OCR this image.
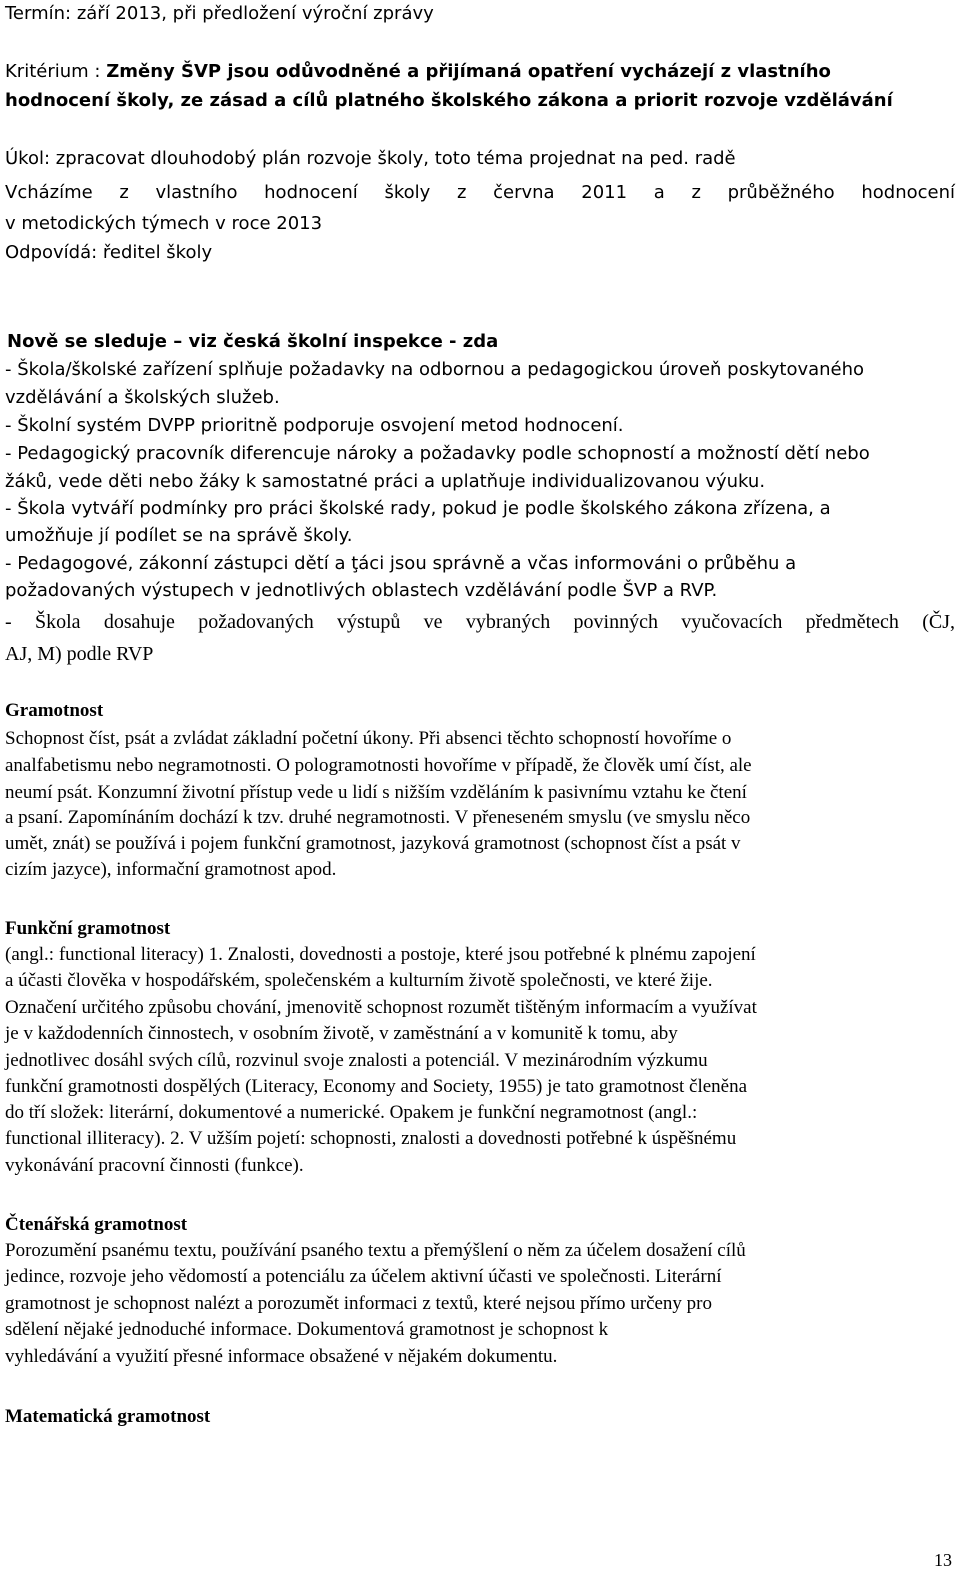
Termín: září 2013, při předložení výroční zprávy

Kritérium : Změny ŠVP jsou odůvodněné a přijímaná opatření vycházejí z vlastního

hodnocení školy, ze zásad a cílů platného školského zákona a priorit rozvoje vzdělávání

Úkol: zpracovat dlouhodobý plán rozvoje školy, toto téma projednat na ped. radě

Vcházíme z vlastního hodnocení školy z června 2011 a z průběžného hodnocení

v metodických týmech v roce 2013

Odpovídá: ředitel školy

Nově se sleduje – viz česká školní inspekce - zda

- Škola/školské zařízení splňuje požadavky na odbornou a pedagogickou úroveň poskytovaného

vzdělávání a školských služeb.

- Školní systém DVPP prioritně podporuje osvojení metod hodnocení.

- Pedagogický pracovník diferencuje nároky a požadavky podle schopností a možností dětí nebo

žáků, vede děti nebo žáky k samostatné práci a uplatňuje individualizovanou výuku.

- Škola vytváří podmínky pro práci školské rady, pokud je podle školského zákona zřízena, a

umožňuje jí podílet se na správě školy.

- Pedagogové, zákonní zástupci dětí a ţáci jsou správně a včas informováni o průběhu a

požadovaných výstupech v jednotlivých oblastech vzdělávání podle ŠVP a RVP.

- Škola dosahuje požadovaných výstupů ve vybraných povinných vyučovacích předmětech (ČJ,

AJ, M) podle RVP

Gramotnost

Schopnost číst, psát a zvládat základní početní úkony. Při absenci těchto schopností hovoříme o

analfabetismu nebo negramotnosti. O pologramotnosti hovoříme v případě, že člověk umí číst, ale

neumí psát. Konzumní životní přístup vede u lidí s nižším vzděláním k pasivnímu vztahu ke čtení

a psaní. Zapomínáním dochází k tzv. druhé negramotnosti. V přeneseném smyslu (ve smyslu něco

umět, znát) se používá i pojem funkční gramotnost, jazyková gramotnost (schopnost číst a psát v

cizím jazyce), informační gramotnost apod.

Funkční gramotnost

(angl.: functional literacy) 1. Znalosti, dovednosti a postoje, které jsou potřebné k plnému zapojení

a účasti člověka v hospodářském, společenském a kulturním životě společnosti, ve které žije.

Označení určitého způsobu chování, jmenovitě schopnost rozumět tištěným informacím a využívat

je v každodenních činnostech, v osobním životě, v zaměstnání a v komunitě k tomu, aby

jednotlivec dosáhl svých cílů, rozvinul svoje znalosti a potenciál. V mezinárodním výzkumu

funkční gramotnosti dospělých (Literacy, Economy and Society, 1955) je tato gramotnost členěna

do tří složek: literární, dokumentové a numerické. Opakem je funkční negramotnost (angl.:

functional illiteracy). 2. V užším pojetí: schopnosti, znalosti a dovednosti potřebné k úspěšnému

vykonávání pracovní činnosti (funkce).

Čtenářská gramotnost

Porozumění psanému textu, používání psaného textu a přemýšlení o něm za účelem dosažení cílů

jedince, rozvoje jeho vědomostí a potenciálu za účelem aktivní účasti ve společnosti. Literární

gramotnost je schopnost nalézt a porozumět informaci z textů, které nejsou přímo určeny pro

sdělení nějaké jednoduché informace. Dokumentová gramotnost je schopnost k

vyhledávání a využití přesné informace obsažené v nějakém dokumentu.

Matematická gramotnost

13
